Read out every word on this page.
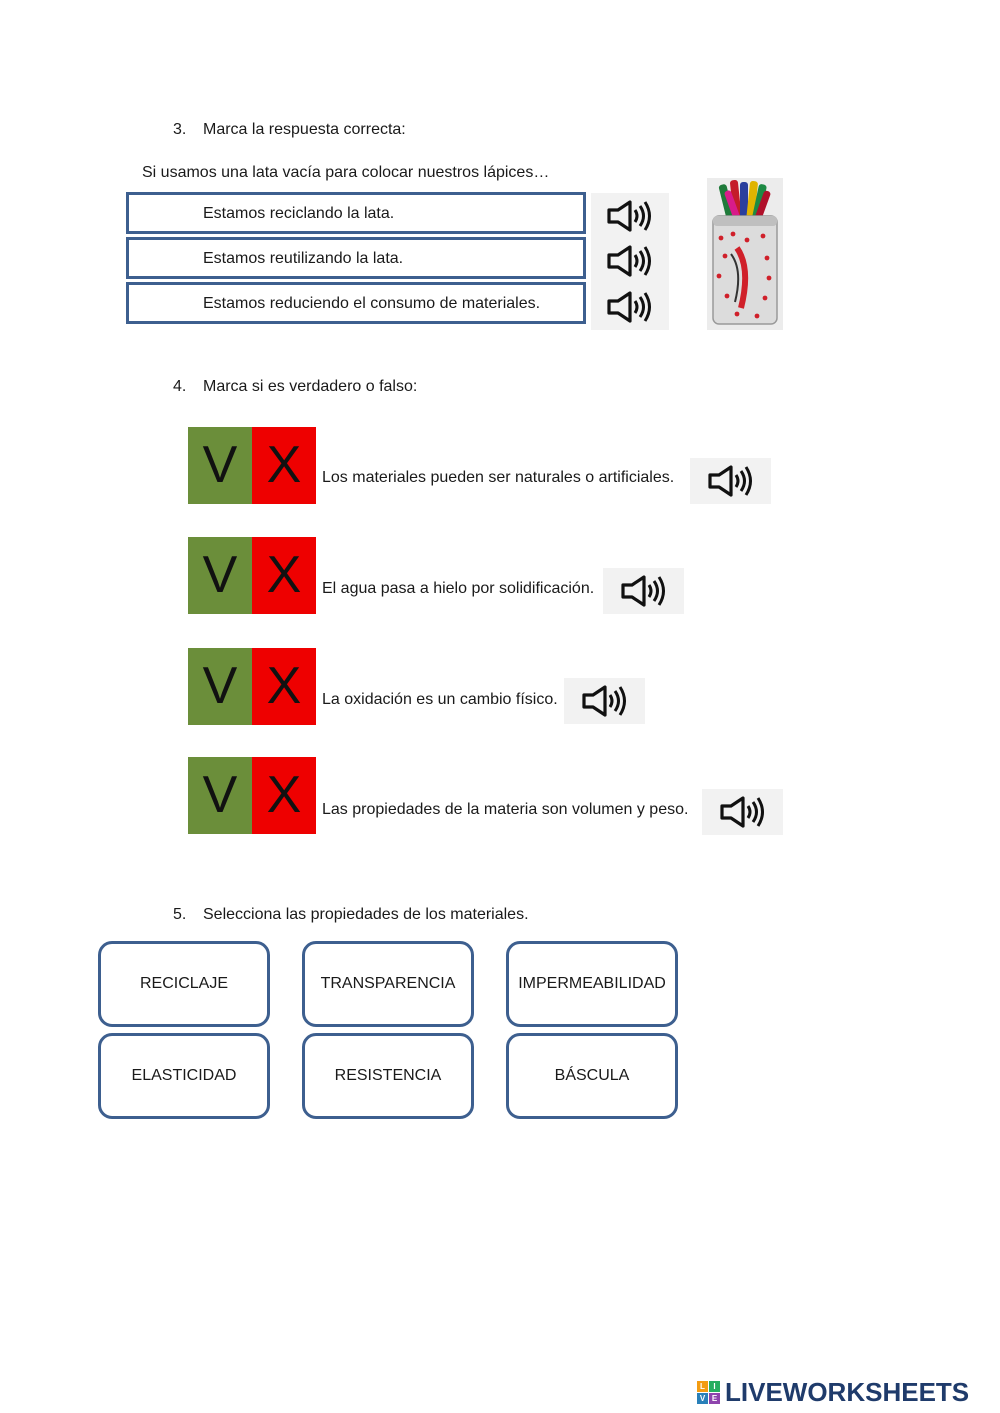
3. Marca la respuesta correcta:
Si usamos una lata vacía para colocar nuestros lápices…
Estamos reciclando la lata.
Estamos reutilizando la lata.
Estamos reduciendo el consumo de materiales.
4. Marca si es verdadero o falso:
V X	Los materiales pueden ser naturales o artificiales.
V X	El agua pasa a hielo por solidificación.
V X	La oxidación es un cambio físico.
V X	Las propiedades de la materia son volumen y peso.
5. Selecciona las propiedades de los materiales.
RECICLAJE	TRANSPARENCIA	IMPERMEABILIDAD
ELASTICIDAD	RESISTENCIA	BÁSCULA
L	I
V E LIVEWORKSHEETS
